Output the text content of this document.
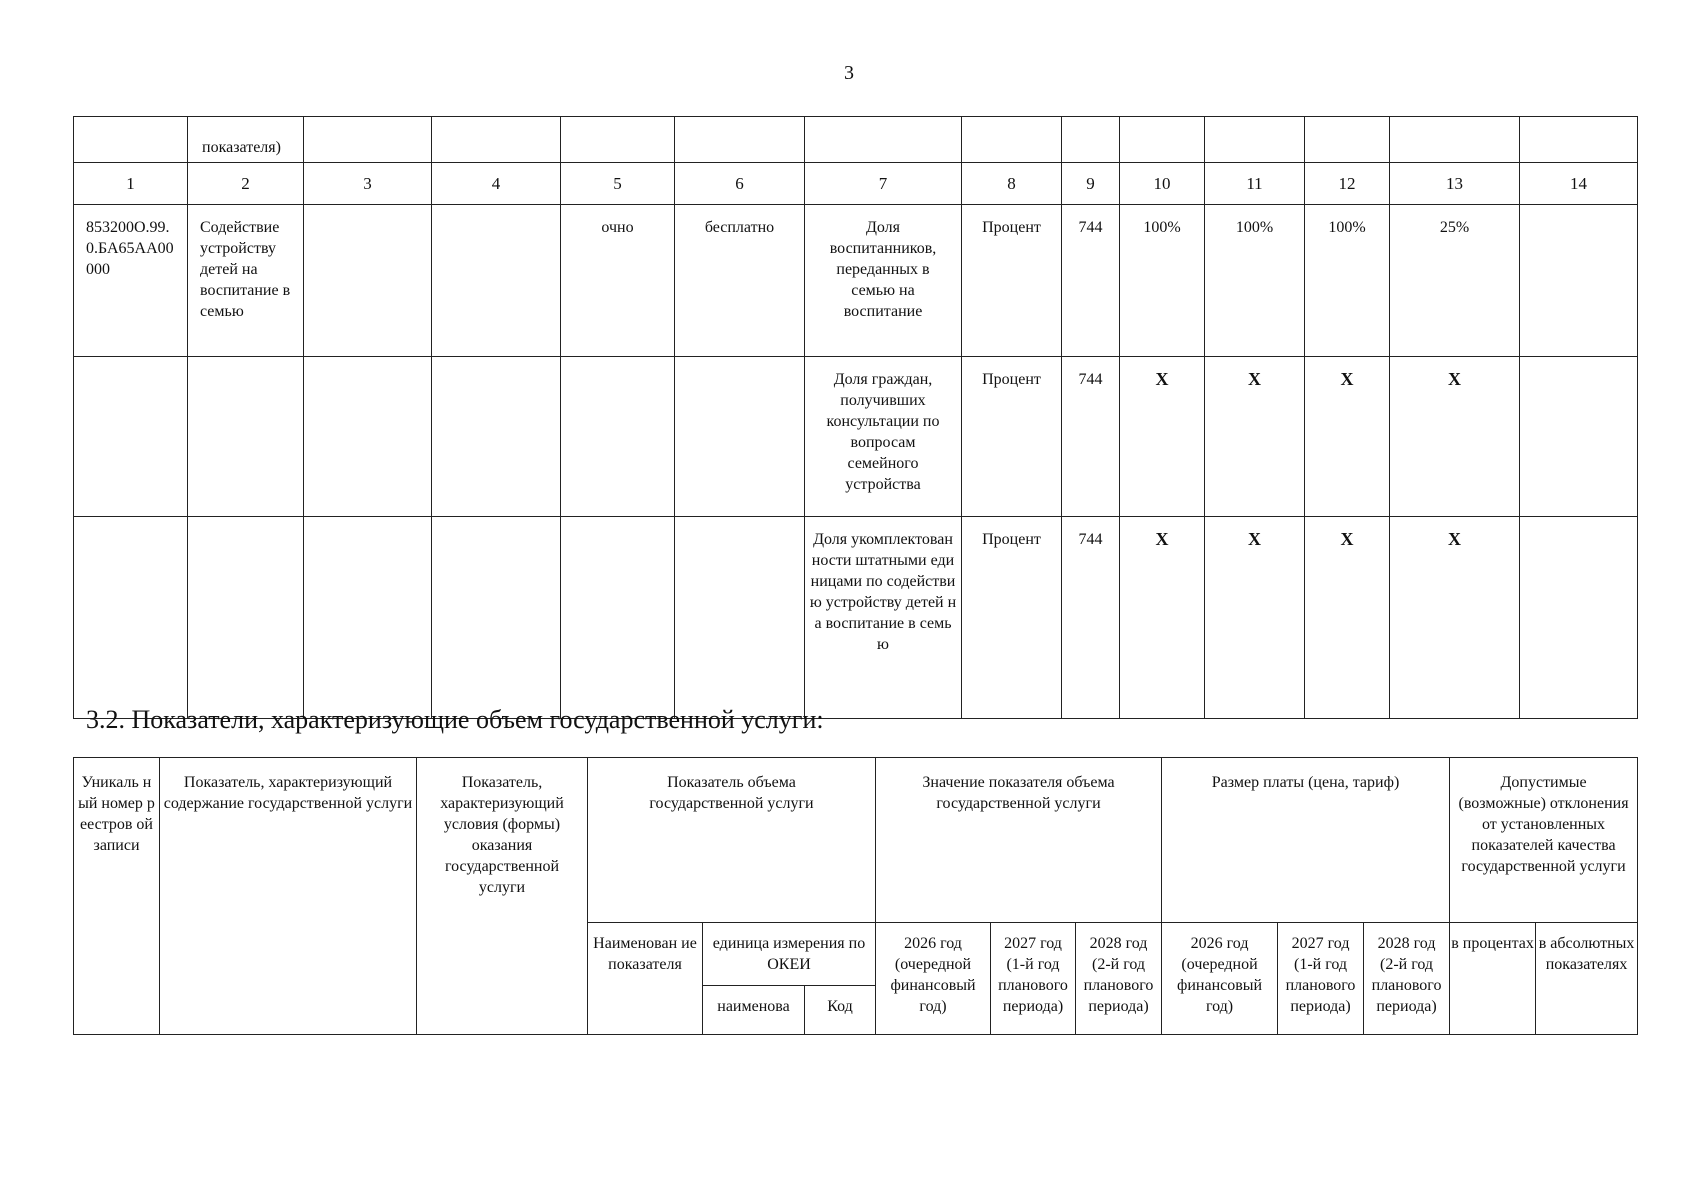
3
	показателя)												
1	2	3	4	5	6	7	8	9	10	11	12	13	14
853200О.99.0.БА65АА00000	Содействие устройству детей на воспитание в семью			очно	бесплатно	Доля воспитанников, переданных в семью на воспитание	Процент	744	100%	100%	100%	25%	
						Доля граждан, получивших консультации по вопросам семейного устройства	Процент	744	X	X	X	X	
						Доля укомплектованности штатными единицами по содействию устройству детей на воспитание в семью	Процент	744	X	X	X	X	
3.2. Показатели, характеризующие объем государственной услуги:
Уникаль ный номер реестров ой записи	Показатель, характеризующий содержание государственной услуги	Показатель, характеризующий условия (формы) оказания государственной услуги	Показатель объема государственной услуги			Значение показателя объема государственной услуги			Размер платы (цена, тариф)			Допустимые (возможные) отклонения от установленных показателей качества государственной услуги	
			Наименован ие показателя	единица измерения по ОКЕИ		2026 год (очередной финансовый год)	2027 год (1-й год планового периода)	2028 год (2-й год планового периода)	2026 год (очередной финансовый год)	2027 год (1-й год планового периода)	2028 год (2-й год планового периода)	в процентах	в абсолютных показателях
				наименова	Код								
